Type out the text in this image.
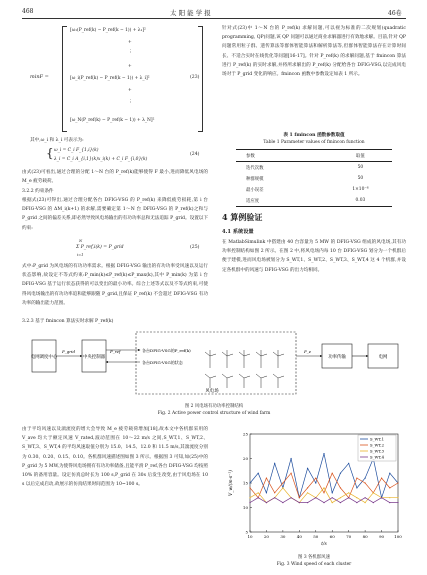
468	太 阳 能 学 报	46卷
minF =
[ω₁(P_ref(k) − P_ref(k − 1)) + λ₁]²
+
⋮
+
[ω_i(P_ref(k) − P_ref(k − 1)) + λ_i]²
+
⋮
[ω_N(P_ref(k) − P_ref(k − 1)) + λ_N]²
(23)
其中,ω_i 和 λ_i 可表示为:
{ ω_i = C_i F_{1,i}(k)
λ_i = C_i A_{i,1}(k)x_i(k) + C_i F_{i,0}(k)
(24)

由式(23)可看出,通过合理的分配 1～N 台的 P_ref(k)能够使得 F 最小,进而降低风电场的 M_e 疲劳载荷。

3.2.2 约束条件

根据式(23)可得出,通过合理分配各台 DFIG-VSG 的 P_ref(k) 来降低疲劳损耗,第 i 台 DFIG-VSG 的 ΔM_i(k+1) 的求解,需要确定第 1～N 台 DFIG-VSG 的 P_ref(k)之和与 P_grid 之间的偏差关系,即必然导致风电场输出的有功功率总和无法追踪 P_grid。设置以下约束:

N
Σ P_ref,i(k) = P_grid
i=1
(25)

式中:P_grid 为风电场的有功功率需求。根据 DFIG-VSG 输出的有功功率受风速以及运行状态影响,故设定不等式约束:P_min(k)≤P_ref(k)≤P_max(k),其中 P_min(k) 为第 i 台 DFIG-VSG 基于运行状态获得的可以变出的最小功率。综合上述等式以及不等式约束,可使得风电场输出的有功功率追和能够跟随 P_grid,且保证 P_ref(k) 不会超过 DFIG-VSG 有功功率的输出能力范围。

3.2.3 基于 fmincon 算法实时求解 P_ref(k)

针对式(23)中 1～N 台的 P_ref(k) 求解问题,可以视为标准的二次规划(quadratic programming, QP)问题,该 QP 问题可以通过商业求解器进行有效地求解。目前,针对 QP 问题常用粒子群、遗传算法等群体智能算法和解析算法等,但群体智能算法存在计算时间长、不适合实时在线优化等问题[16-17]。针对 P_ref(k) 的求解问题,基于 fmincon 算法进行 P_ref(k) 的实时求解,并将所求解出的 P_ref(k) 分配给各台 DFIG-VSG,以完成风电场对于 P_grid 变化的响应。fmincon 函数中参数设定如表 1 所示。

表 1 fmincon 函数参数取值
Table 1 Parameter values of fmincon function
参数	取值
迭代次数	50
种群规模	50
最小误差	1×10⁻⁸
适应度	0.03
4 算例验证
4.1 系统设置

在 MatlabSimulink 中搭建由 40 台容量为 5 MW 的 DFIG-VSG 组成的风电场,其有功功率控制结构如图 2 所示。在图 2 中,将风电场内每 10 台 DFIG-VSG 划分为一个机群后便于建模,进而风电场被划分为 S_WT,1、S_WT,2、S_WT,3、S_WT,4 这 4 个机群,并设定各机群中的风速与 DFIG-VSG 的出力均相同。

电网调度中心
P_grid
中央控制器
P_ref	各台DFIG-VSG的P_ref(k)
各台DFIG-VSG的状态
风电场
P_e
功率传输	电网
图 2 风电场有功功率控制结构
Fig. 2 Active power control structure of wind farm

由于平均风速以及湍流度的增大会导致 M_e 疲劳载荷增加[18],故本文中各机群采用的 V_ave 均大于额定风速 V_rated,波动范围在 10～22 m/s 之间,S_WT,1、S_WT,2、S_WT,3、S_WT,4 的平均风速取值分别为 15.0、14.5、12.0 和 11.5 m/s,其湍流度分别为 0.30、0.20、0.15、0.10。各机群风速描述图如图 3 所示。根据图 3 可知,如(25)中的 P_grid 为 5 MW,为使得风电场拥有有功功率储备,且能平滑 P_ref,各台 DFIG-VSG 均按照 10% 的备用容量。设定仿真总时长为 100 s,P_grid 在 30s 后发生改变,由于风电场在 10 s 以后完成启动,故展示的仿真结果时间范围为 10~100 s。

5
10
15
20
25
10	20	30	40	50	60	70	80	90	100
t/s
V_w/(m·s⁻¹)
S_WT,1
S_WT,2
S_WT,3
S_WT,4
图 3 各机群风速
Fig. 3 Wind speed of each cluster
